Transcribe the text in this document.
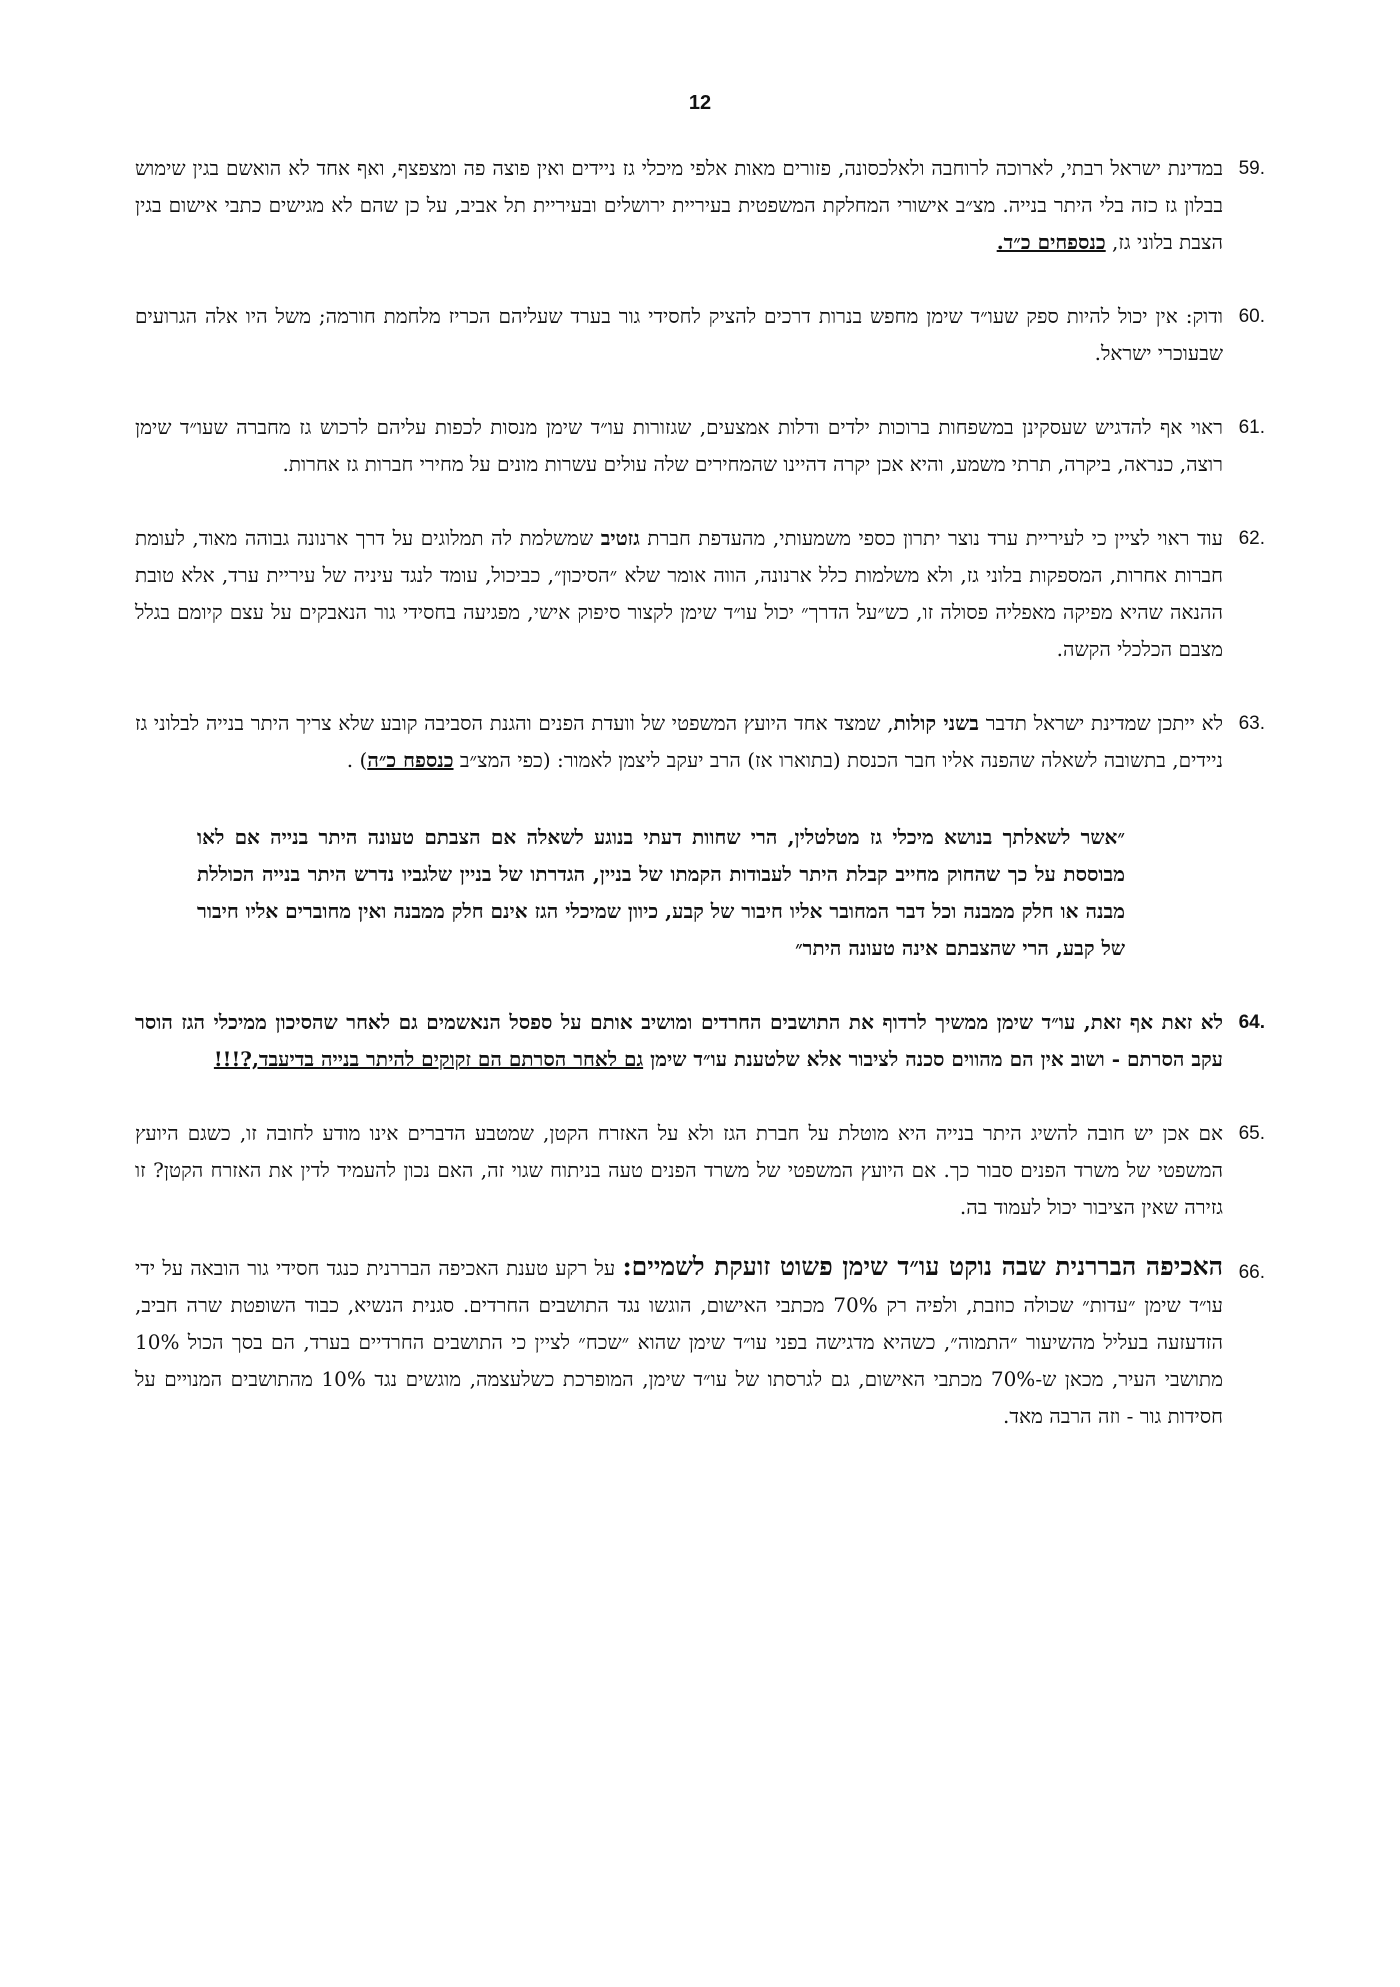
12
.59
במדינת ישראל רבתי, לארוכה לרוחבה ולאלכסונה, פזורים מאות אלפי מיכלי גז ניידים ואין פוצה פה ומצפצף, ואף אחד לא הואשם בגין שימוש בבלון גז כזה בלי היתר בנייה. מצ״ב אישורי המחלקת המשפטית בעיריית ירושלים ובעיריית תל אביב, על כן שהם לא מגישים כתבי אישום בגין הצבת בלוני גז, כנספחים כ״ד.
.60
ודוק: אין יכול להיות ספק שעו״ד שימן מחפש בנרות דרכים להציק לחסידי גור בערד שעליהם הכריז מלחמת חורמה; משל היו אלה הגרועים שבעוכרי ישראל.
.61
ראוי אף להדגיש שעסקינן במשפחות ברוכות ילדים ודלות אמצעים, שגזורות עו״ד שימן מנסות לכפות עליהם לרכוש גז מחברה שעו״ד שימן רוצה, כנראה, ביקרה, תרתי משמע, והיא אכן יקרה דהיינו שהמחירים שלה עולים עשרות מונים על מחירי חברות גז אחרות.
.62
עוד ראוי לציין כי לעיריית ערד נוצר יתרון כספי משמעותי, מהעדפת חברת גזטיב שמשלמת לה תמלוגים על דרך ארנונה גבוהה מאוד, לעומת חברות אחרות, המספקות בלוני גז, ולא משלמות כלל ארנונה, הווה אומר שלא ״הסיכון״, כביכול, עומד לנגד עיניה של עיריית ערד, אלא טובת ההנאה שהיא מפיקה מאפליה פסולה זו, כש״על הדרך״ יכול עו״ד שימן לקצור סיפוק אישי, מפגיעה בחסידי גור הנאבקים על עצם קיומם בגלל מצבם הכלכלי הקשה.
.63
לא ייתכן שמדינת ישראל תדבר בשני קולות, שמצד אחד היועץ המשפטי של וועדת הפנים והגנת הסביבה קובע שלא צריך היתר בנייה לבלוני גז ניידים, בתשובה לשאלה שהפנה אליו חבר הכנסת (בתוארו אז) הרב יעקב ליצמן לאמור: (כפי המצ״ב כנספח כ״ה) .
״אשר לשאלתך בנושא מיכלי גז מטלטלין, הרי שחוות דעתי בנוגע לשאלה אם הצבתם טעונה היתר בנייה אם לאו מבוססת על כך שהחוק מחייב קבלת היתר לעבודות הקמתו של בניין, הגדרתו של בניין שלגביו נדרש היתר בנייה הכוללת מבנה או חלק ממבנה וכל דבר המחובר אליו חיבור של קבע, כיוון שמיכלי הגז אינם חלק ממבנה ואין מחוברים אליו חיבור של קבע, הרי שהצבתם אינה טעונה היתר״
.64
לא זאת אף זאת, עו״ד שימן ממשיך לרדוף את התושבים החרדים ומושיב אותם על ספסל הנאשמים גם לאחר שהסיכון ממיכלי הגז הוסר עקב הסרתם - ושוב אין הם מהווים סכנה לציבור אלא שלטענת עו״ד שימן גם לאחר הסרתם הם זקוקים להיתר בנייה בדיעבד,?!!!
.65
אם אכן יש חובה להשיג היתר בנייה היא מוטלת על חברת הגז ולא על האזרח הקטן, שמטבע הדברים אינו מודע לחובה זו, כשגם היועץ המשפטי של משרד הפנים סבור כך. אם היועץ המשפטי של משרד הפנים טעה בניתוח שגוי זה, האם נכון להעמיד לדין את האזרח הקטן? זו גזירה שאין הציבור יכול לעמוד בה.
.66
האכיפה הבררנית שבה נוקט עו״ד שימן פשוט זועקת לשמיים: על רקע טענת האכיפה הבררנית כנגד חסידי גור הובאה על ידי עו״ד שימן ״עדות״ שכולה כוזבת, ולפיה רק 70% מכתבי האישום, הוגשו נגד התושבים החרדים. סגנית הנשיא, כבוד השופטת שרה חביב, הזדעזעה בעליל מהשיעור ״התמוה״, כשהיא מדגישה בפני עו״ד שימן שהוא ״שכח״ לציין כי התושבים החרדיים בערד, הם בסך הכול 10% מתושבי העיר, מכאן ש-70% מכתבי האישום, גם לגרסתו של עו״ד שימן, המופרכת כשלעצמה, מוגשים נגד 10% מהתושבים המנויים על חסידות גור - וזה הרבה מאד.
